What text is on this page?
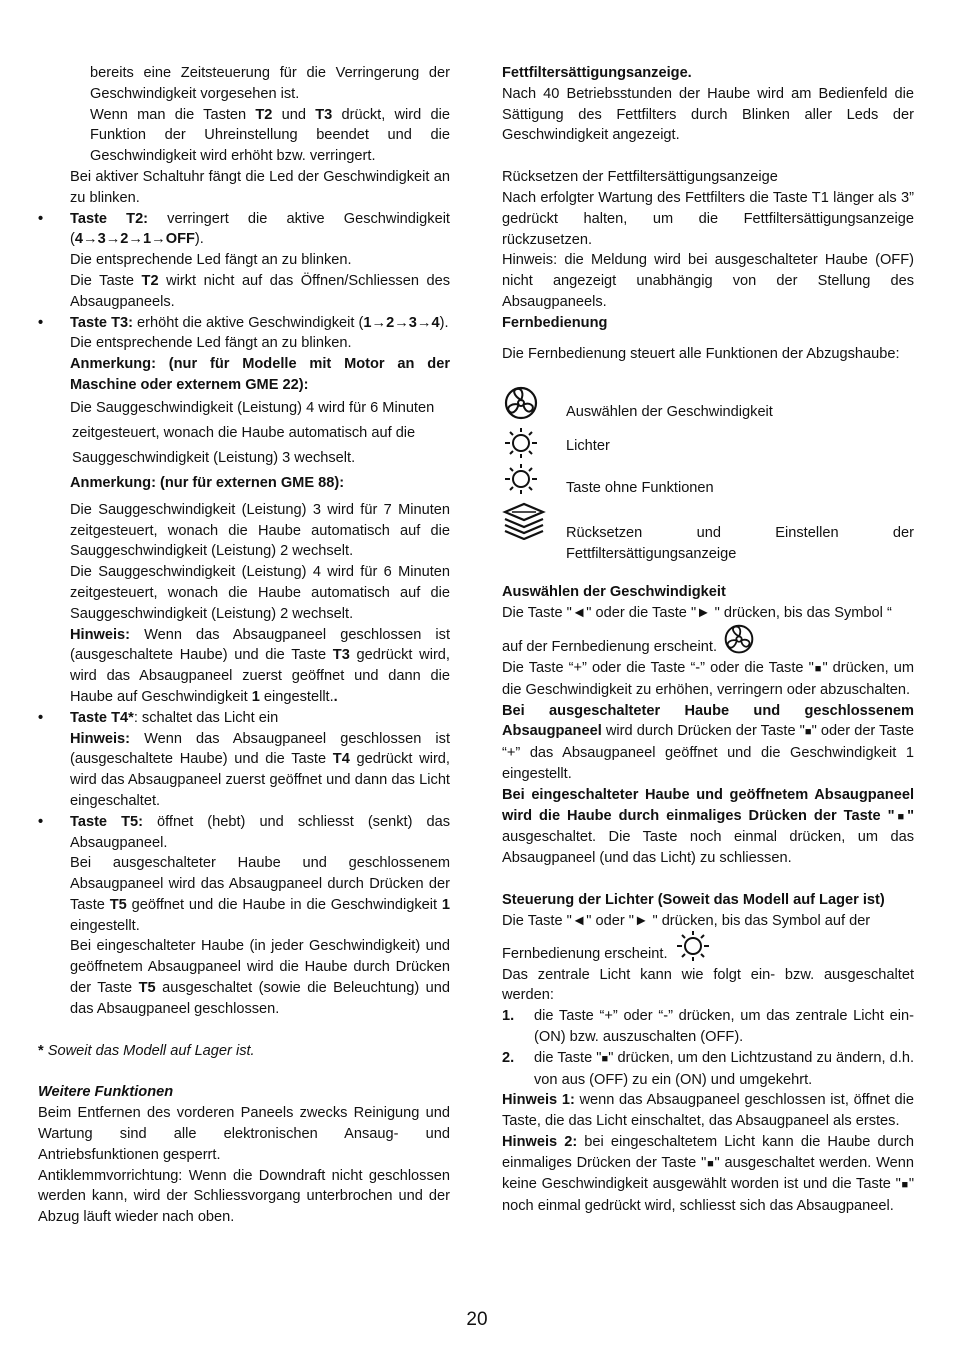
bereits eine Zeitsteuerung für die Verringerung der Geschwindigkeit vorgesehen ist.

Wenn man die Tasten T2 und T3 drückt, wird die Funktion der Uhreinstellung beendet und die Geschwindigkeit wird erhöht bzw. verringert.

Bei aktiver Schaltuhr fängt die Led der Geschwindigkeit an zu blinken.

• Taste T2: verringert die aktive Geschwindigkeit (4→3→2→1→OFF).

Die entsprechende Led fängt an zu blinken.

Die Taste T2 wirkt nicht auf das Öffnen/Schliessen des Absaugpaneels.

• Taste T3: erhöht die aktive Geschwindigkeit (1→2→3→4).

Die entsprechende Led fängt an zu blinken.

Anmerkung: (nur für Modelle mit Motor an der Maschine oder externem GME 22):

Die Sauggeschwindigkeit (Leistung) 4 wird für 6 Minuten

zeitgesteuert, wonach die Haube automatisch auf die

Sauggeschwindigkeit (Leistung) 3 wechselt.

Anmerkung: (nur für externen GME 88):

Die Sauggeschwindigkeit (Leistung) 3 wird für 7 Minuten zeitgesteuert, wonach die Haube automatisch auf die Sauggeschwindigkeit (Leistung) 2 wechselt.

Die Sauggeschwindigkeit (Leistung) 4 wird für 6 Minuten zeitgesteuert, wonach die Haube automatisch auf die Sauggeschwindigkeit (Leistung) 2 wechselt.

Hinweis: Wenn das Absaugpaneel geschlossen ist (ausgeschaltete Haube) und die Taste T3 gedrückt wird, wird das Absaugpaneel zuerst geöffnet und dann die Haube auf Geschwindigkeit 1 eingestellt..

• Taste T4*: schaltet das Licht ein

Hinweis: Wenn das Absaugpaneel geschlossen ist (ausgeschaltete Haube) und die Taste T4 gedrückt wird, wird das Absaugpaneel zuerst geöffnet und dann das Licht eingeschaltet.

• Taste T5: öffnet (hebt) und schliesst (senkt) das Absaugpaneel.

Bei ausgeschalteter Haube und geschlossenem Absaugpaneel wird das Absaugpaneel durch Drücken der Taste T5 geöffnet und die Haube in die Geschwindigkeit 1 eingestellt.

Bei eingeschalteter Haube (in jeder Geschwindigkeit) und geöffnetem Absaugpaneel wird die Haube durch Drücken der Taste T5 ausgeschaltet (sowie die Beleuchtung) und das Absaugpaneel geschlossen.

* Soweit das Modell auf Lager ist.

Weitere Funktionen

Beim Entfernen des vorderen Paneels zwecks Reinigung und Wartung sind alle elektronischen Ansaug- und Antriebsfunktionen gesperrt.

Antiklemmvorrichtung: Wenn die Downdraft nicht geschlossen werden kann, wird der Schliessvorgang unterbrochen und der Abzug läuft wieder nach oben.

Fettfiltersättigungsanzeige.

Nach 40 Betriebsstunden der Haube wird am Bedienfeld die Sättigung des Fettfilters durch Blinken aller Leds der Geschwindigkeit angezeigt.

Rücksetzen der Fettfiltersättigungsanzeige

Nach erfolgter Wartung des Fettfilters die Taste T1 länger als 3” gedrückt halten, um die Fettfiltersättigungsanzeige rückzusetzen.

Hinweis: die Meldung wird bei ausgeschalteter Haube (OFF) nicht angezeigt unabhängig von der Stellung des Absaugpaneels.

Fernbedienung

Die Fernbedienung steuert alle Funktionen der Abzugshaube:

Auswählen der Geschwindigkeit
Lichter
Taste ohne Funktionen
Rücksetzen und Einstellen der Fettfiltersättigungsanzeige

Auswählen der Geschwindigkeit

Die Taste "◄" oder die Taste "► " drücken, bis das Symbol “

auf der Fernbedienung erscheint.

Die Taste “+” oder die Taste “-” oder die Taste "■" drücken, um die Geschwindigkeit zu erhöhen, verringern oder abzuschalten.

Bei ausgeschalteter Haube und geschlossenem Absaugpaneel wird durch Drücken der Taste "■" oder der Taste “+” das Absaugpaneel geöffnet und die Geschwindigkeit 1 eingestellt.

Bei eingeschalteter Haube und geöffnetem Absaugpaneel wird die Haube durch einmaliges Drücken der Taste "■" ausgeschaltet. Die Taste noch einmal drücken, um das Absaugpaneel (und das Licht) zu schliessen.

Steuerung der Lichter (Soweit das Modell auf Lager ist)

Die Taste "◄" oder "► " drücken, bis das Symbol auf der

Fernbedienung erscheint.

Das zentrale Licht kann wie folgt ein- bzw. ausgeschaltet werden:

1. die Taste “+” oder “-” drücken, um das zentrale Licht ein- (ON) bzw. auszuschalten (OFF).

2. die Taste "■" drücken, um den Lichtzustand zu ändern, d.h. von aus (OFF) zu ein (ON) und umgekehrt.

Hinweis 1: wenn das Absaugpaneel geschlossen ist, öffnet die Taste, die das Licht einschaltet, das Absaugpaneel als erstes.

Hinweis 2: bei eingeschaltetem Licht kann die Haube durch einmaliges Drücken der Taste "■" ausgeschaltet werden. Wenn keine Geschwindigkeit ausgewählt worden ist und die Taste "■" noch einmal gedrückt wird, schliesst sich das Absaugpaneel.

20
